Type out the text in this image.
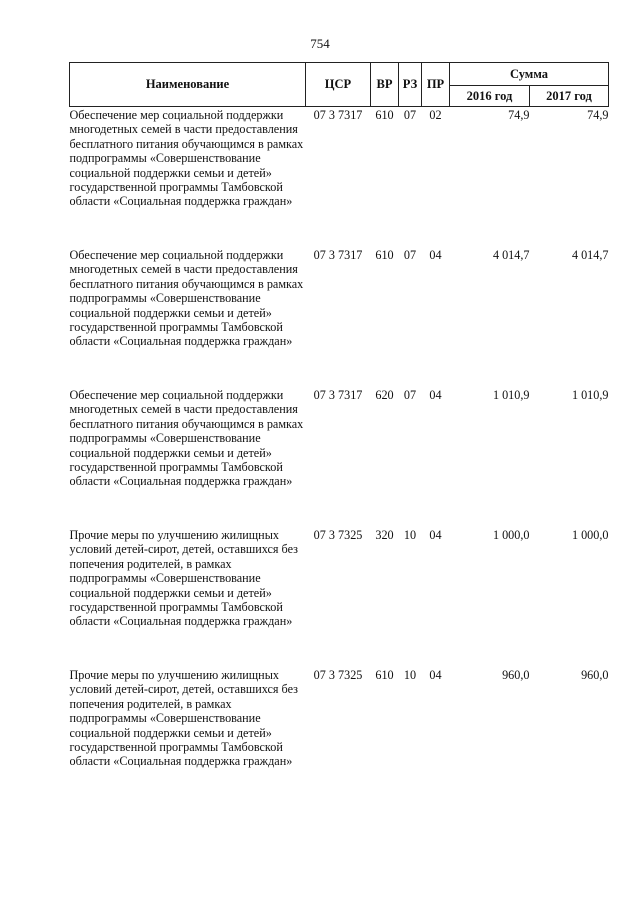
754
Наименование	ЦСР	ВР	РЗ	ПР	Сумма	
					2016 год	2017 год
Обеспечение мер социальной поддержки многодетных семей в части предоставления бесплатного питания обучающимся в рамках подпрограммы «Совершенствование социальной поддержки семьи и детей» государственной программы Тамбовской области «Социальная поддержка граждан»	07 3 7317	610	07	02	74,9	74,9
Обеспечение мер социальной поддержки многодетных семей в части предоставления бесплатного питания обучающимся в рамках подпрограммы «Совершенствование социальной поддержки семьи и детей» государственной программы Тамбовской области «Социальная поддержка граждан»	07 3 7317	610	07	04	4 014,7	4 014,7
Обеспечение мер социальной поддержки многодетных семей в части предоставления бесплатного питания обучающимся в рамках подпрограммы «Совершенствование социальной поддержки семьи и детей» государственной программы Тамбовской области «Социальная поддержка граждан»	07 3 7317	620	07	04	1 010,9	1 010,9
Прочие меры по улучшению жилищных условий детей-сирот, детей, оставшихся без попечения родителей, в рамках подпрограммы «Совершенствование социальной поддержки семьи и детей» государственной программы Тамбовской области «Социальная поддержка граждан»	07 3 7325	320	10	04	1 000,0	1 000,0
Прочие меры по улучшению жилищных условий детей-сирот, детей, оставшихся без попечения родителей, в рамках подпрограммы «Совершенствование социальной поддержки семьи и детей» государственной программы Тамбовской области «Социальная поддержка граждан»	07 3 7325	610	10	04	960,0	960,0
